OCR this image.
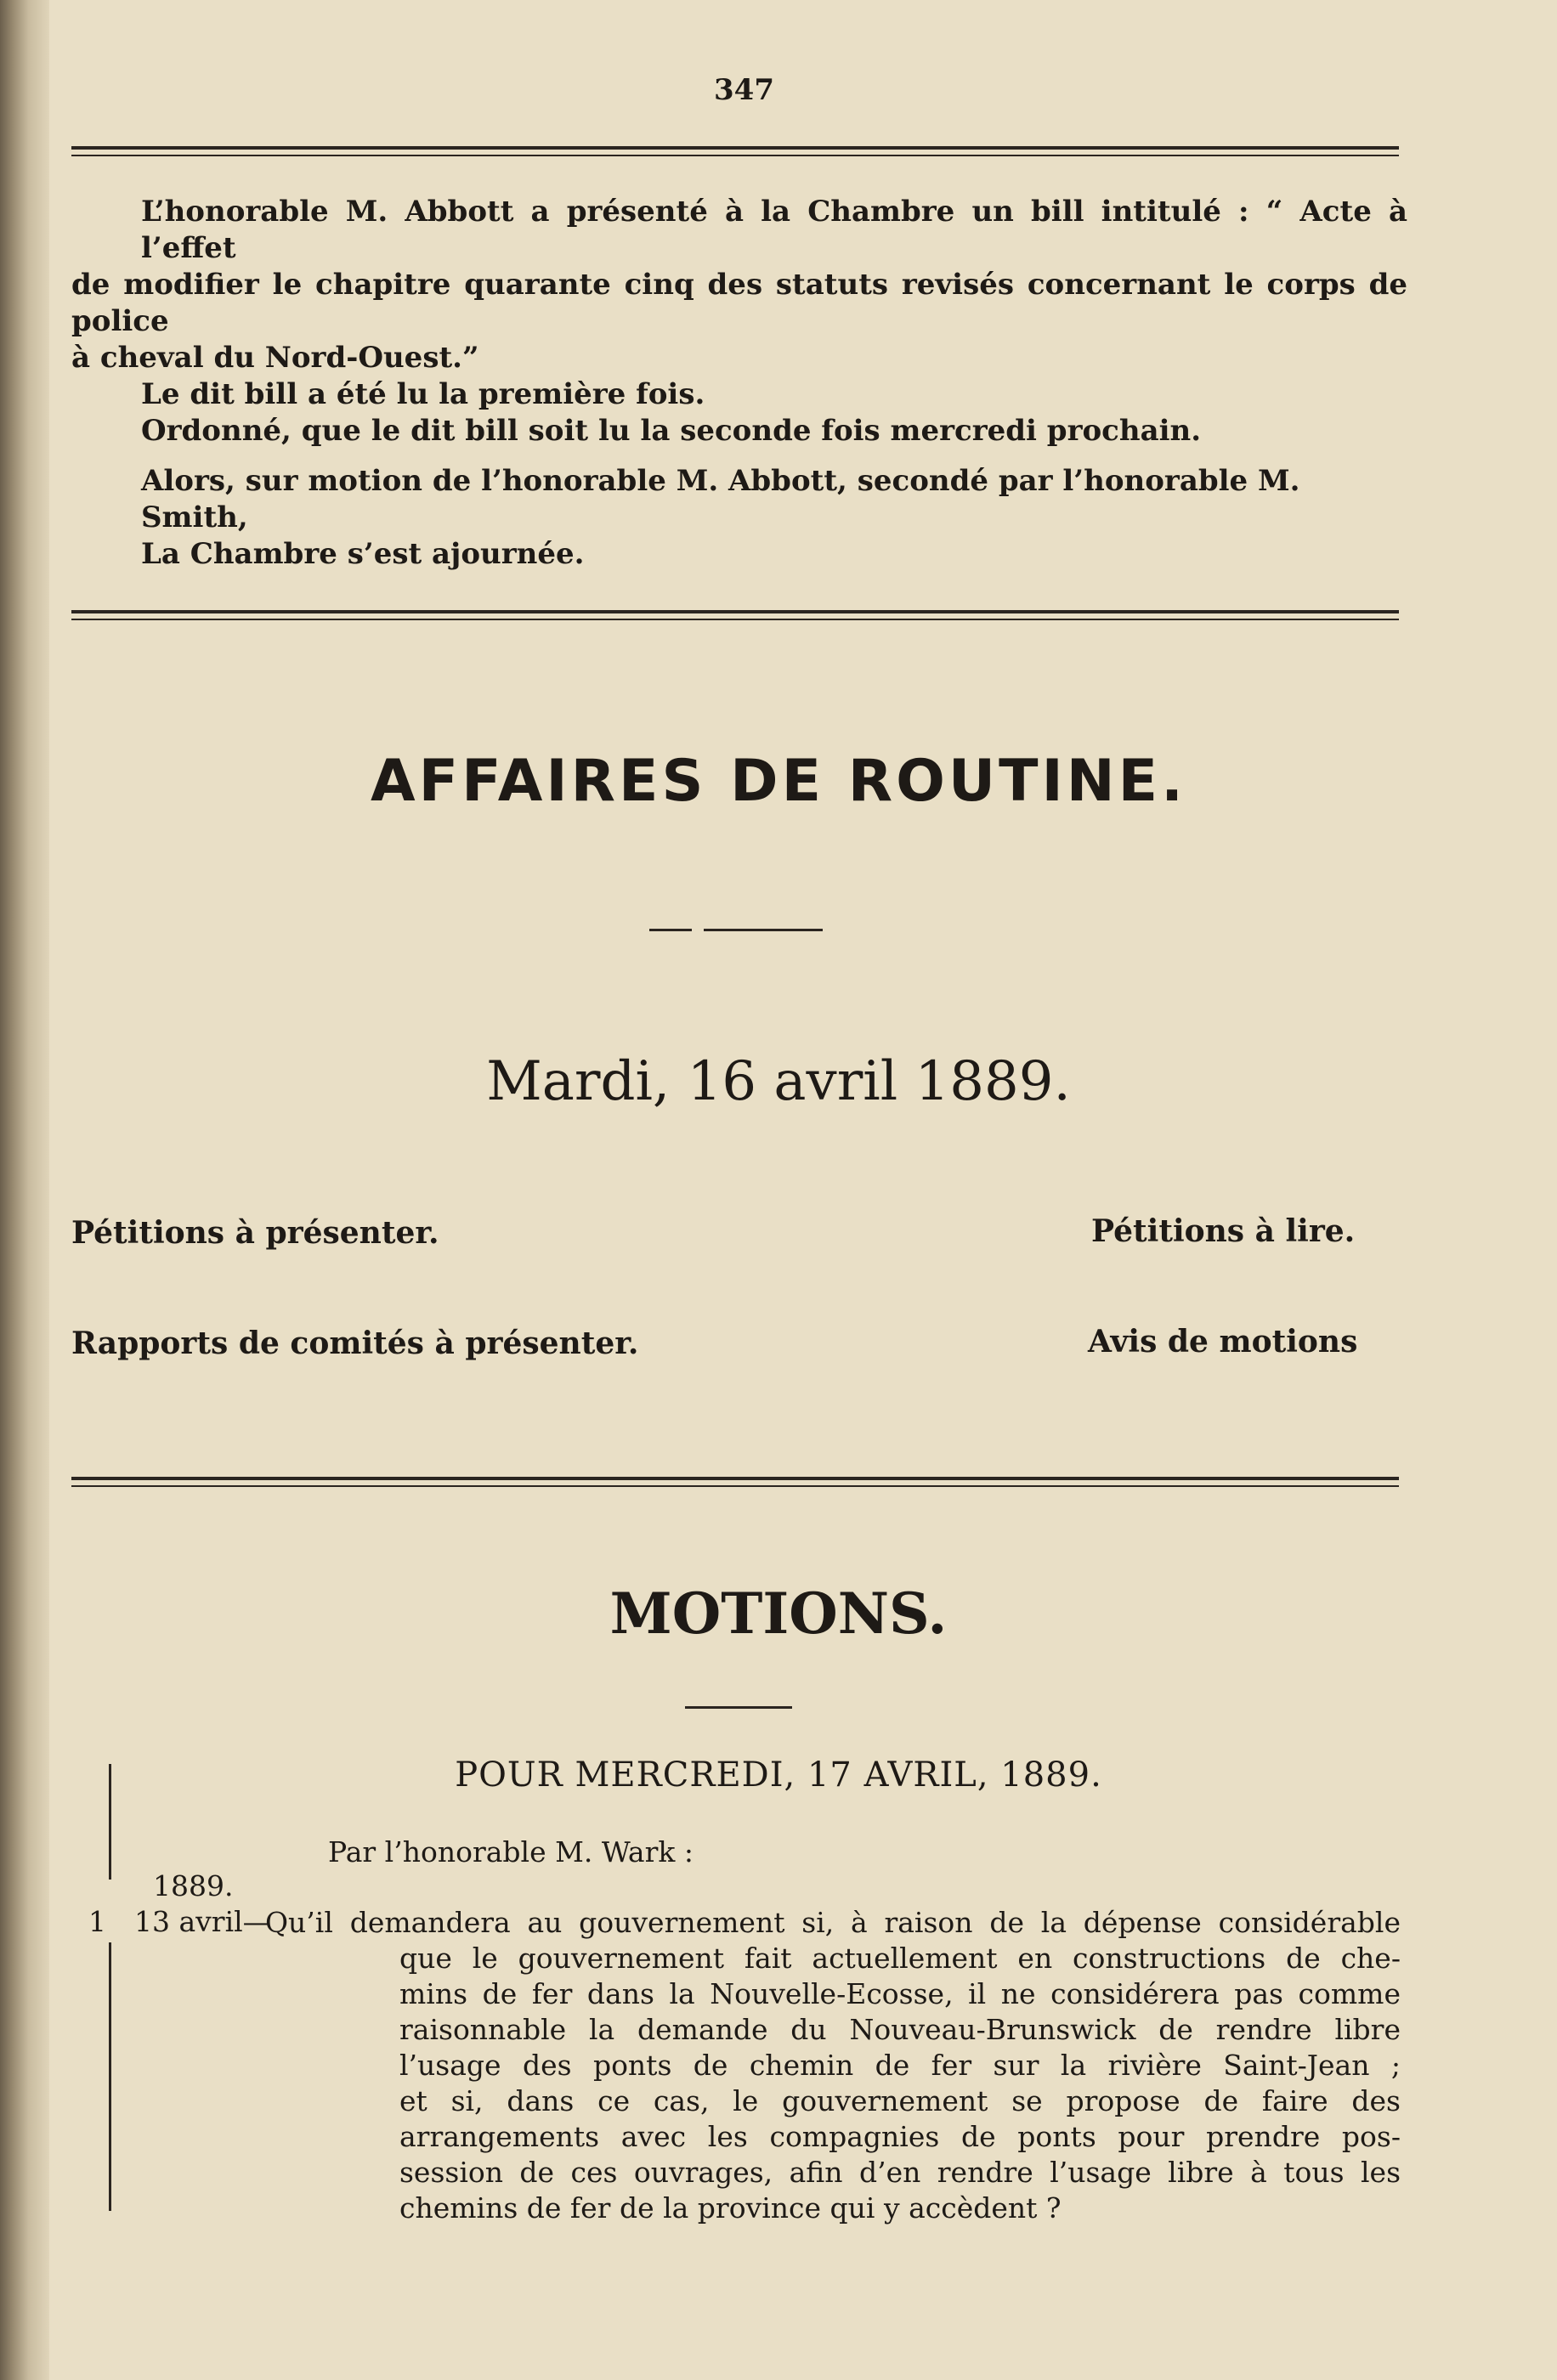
347

L’honorable M. Abbott a présenté à la Chambre un bill intitulé : “ Acte à l’effet

de modifier le chapitre quarante cinq des statuts revisés concernant le corps de police

à cheval du Nord-Ouest.”

Le dit bill a été lu la première fois.

Ordonné, que le dit bill soit lu la seconde fois mercredi prochain.

Alors, sur motion de l’honorable M. Abbott, secondé par l’honorable M. Smith,

La Chambre s’est ajournée.

AFFAIRES DE ROUTINE.
Mardi, 16 avril 1889.
Pétitions à présenter.	Pétitions à lire.
Rapports de comités à présenter.	Avis de motions
MOTIONS.
POUR MERCREDI, 17 AVRIL, 1889.
Par l’honorable M. Wark :
1889.
1 13 avril—
Qu’il demandera au gouvernement si, à raison de la dépense considérable
que le gouvernement fait actuellement en constructions de che-
mins de fer dans la Nouvelle-Ecosse, il ne considérera pas comme
raisonnable la demande du Nouveau-Brunswick de rendre libre
l’usage des ponts de chemin de fer sur la rivière Saint-Jean ;
et si, dans ce cas, le gouvernement se propose de faire des
arrangements avec les compagnies de ponts pour prendre pos-
session de ces ouvrages, afin d’en rendre l’usage libre à tous les
chemins de fer de la province qui y accèdent ?
